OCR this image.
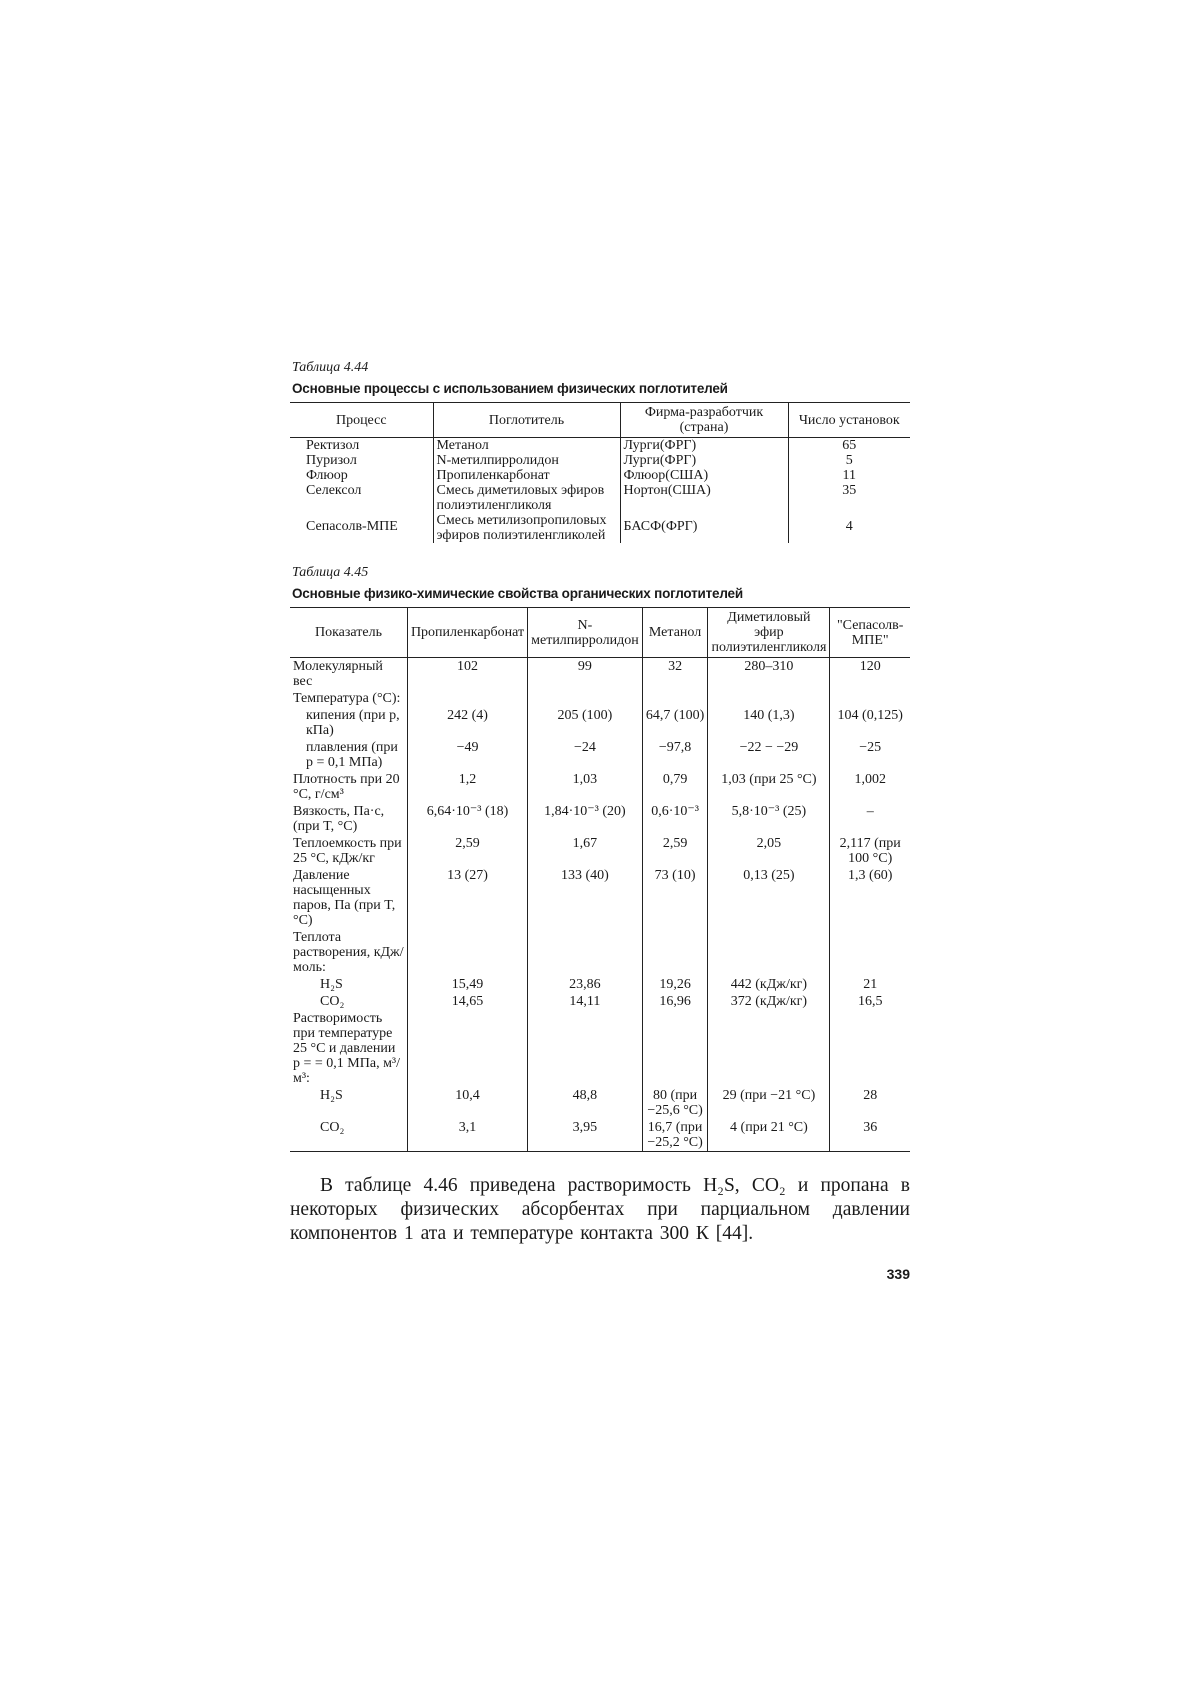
Таблица 4.44
Основные процессы с использованием физических поглотителей
Процесс	Поглотитель	Фирма-разработчик (страна)	Число установок
Ректизол	Метанол	Лурги(ФРГ)	65
Пуризол	N-метилпирролидон	Лурги(ФРГ)	5
Флюор	Пропиленкарбонат	Флюор(США)	11
Селексол	Смесь диметиловых эфиров полиэтиленгликоля	Нортон(США)	35
Сепасолв-МПЕ	Смесь метилизопропиловых эфиров полиэтиленгликолей	БАСФ(ФРГ)	4
Таблица 4.45
Основные физико-химические свойства органических поглотителей
Показатель	Пропиленкарбонат	N-метилпирролидон	Метанол	Диметиловый эфир полиэтиленгликоля	"Сепасолв-МПЕ"
Молекулярный вес	102	99	32	280–310	120
Температура (°С):					
кипения (при p, кПа)	242 (4)	205 (100)	64,7 (100)	140 (1,3)	104 (0,125)
плавления (при p = 0,1 МПа)	−49	−24	−97,8	−22 − −29	−25
Плотность при 20 °С, г/см³	1,2	1,03	0,79	1,03 (при 25 °С)	1,002
Вязкость, Па·с, (при T, °С)	6,64·10⁻³ (18)	1,84·10⁻³ (20)	0,6·10⁻³	5,8·10⁻³ (25)	–
Теплоемкость при 25 °С, кДж/кг	2,59	1,67	2,59	2,05	2,117 (при 100 °С)
Давление насыщенных паров, Па (при T, °С)	13 (27)	133 (40)	73 (10)	0,13 (25)	1,3 (60)
Теплота растворения, кДж/моль:					
H₂S	15,49	23,86	19,26	442 (кДж/кг)	21
CO₂	14,65	14,11	16,96	372 (кДж/кг)	16,5
Растворимость при температуре 25 °С и давлении p = = 0,1 МПа, м³/м³:					
H₂S	10,4	48,8	80 (при −25,6 °С)	29 (при −21 °С)	28
CO₂	3,1	3,95	16,7 (при −25,2 °С)	4 (при 21 °С)	36

В таблице 4.46 приведена растворимость H₂S, CO₂ и пропана в некоторых физических абсорбентах при парциальном давлении компонентов 1 ата и температуре контакта 300 К [44].

339
